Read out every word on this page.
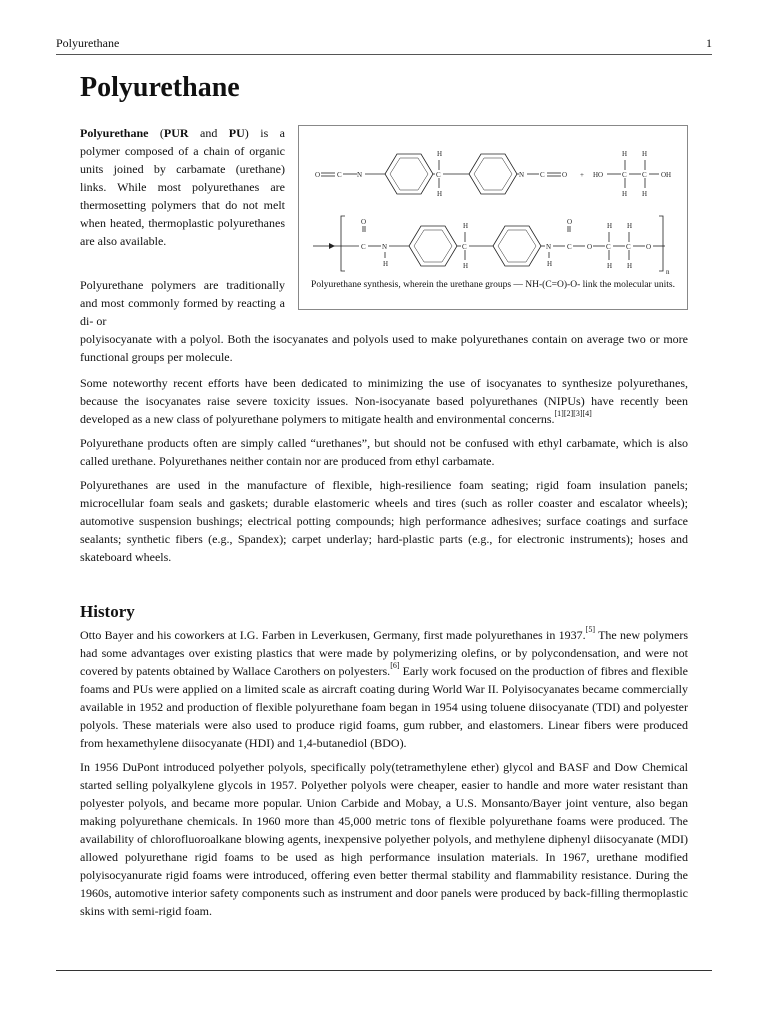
Polyurethane	1
Polyurethane
O C N
H
C
H
N C O + HO
H
C
H
H
C
H
OH
O
C N
H
H
C
H
N
H
O
C O
H
C
H
H
C
H
O
n
Polyurethane synthesis, wherein the urethane groups — NH-(C=O)-O- link the molecular units.

Polyurethane (PUR and PU) is a polymer composed of a chain of organic units joined by carbamate (urethane) links. While most polyurethanes are thermosetting polymers that do not melt when heated, thermoplastic polyurethanes are also available.

Polyurethane polymers are traditionally and most commonly formed by reacting a di- or

polyisocyanate with a polyol. Both the isocyanates and polyols used to make polyurethanes contain on average two or more functional groups per molecule.

Some noteworthy recent efforts have been dedicated to minimizing the use of isocyanates to synthesize polyurethanes, because the isocyanates raise severe toxicity issues. Non-isocyanate based polyurethanes (NIPUs) have recently been developed as a new class of polyurethane polymers to mitigate health and environmental concerns.[1][2][3][4]

Polyurethane products often are simply called “urethanes”, but should not be confused with ethyl carbamate, which is also called urethane. Polyurethanes neither contain nor are produced from ethyl carbamate.

Polyurethanes are used in the manufacture of flexible, high-resilience foam seating; rigid foam insulation panels; microcellular foam seals and gaskets; durable elastomeric wheels and tires (such as roller coaster and escalator wheels); automotive suspension bushings; electrical potting compounds; high performance adhesives; surface coatings and surface sealants; synthetic fibers (e.g., Spandex); carpet underlay; hard-plastic parts (e.g., for electronic instruments); hoses and skateboard wheels.

History

Otto Bayer and his coworkers at I.G. Farben in Leverkusen, Germany, first made polyurethanes in 1937.[5] The new polymers had some advantages over existing plastics that were made by polymerizing olefins, or by polycondensation, and were not covered by patents obtained by Wallace Carothers on polyesters.[6] Early work focused on the production of fibres and flexible foams and PUs were applied on a limited scale as aircraft coating during World War II. Polyisocyanates became commercially available in 1952 and production of flexible polyurethane foam began in 1954 using toluene diisocyanate (TDI) and polyester polyols. These materials were also used to produce rigid foams, gum rubber, and elastomers. Linear fibers were produced from hexamethylene diisocyanate (HDI) and 1,4-butanediol (BDO).

In 1956 DuPont introduced polyether polyols, specifically poly(tetramethylene ether) glycol and BASF and Dow Chemical started selling polyalkylene glycols in 1957. Polyether polyols were cheaper, easier to handle and more water resistant than polyester polyols, and became more popular. Union Carbide and Mobay, a U.S. Monsanto/Bayer joint venture, also began making polyurethane chemicals. In 1960 more than 45,000 metric tons of flexible polyurethane foams were produced. The availability of chlorofluoroalkane blowing agents, inexpensive polyether polyols, and methylene diphenyl diisocyanate (MDI) allowed polyurethane rigid foams to be used as high performance insulation materials. In 1967, urethane modified polyisocyanurate rigid foams were introduced, offering even better thermal stability and flammability resistance. During the 1960s, automotive interior safety components such as instrument and door panels were produced by back-filling thermoplastic skins with semi-rigid foam.
